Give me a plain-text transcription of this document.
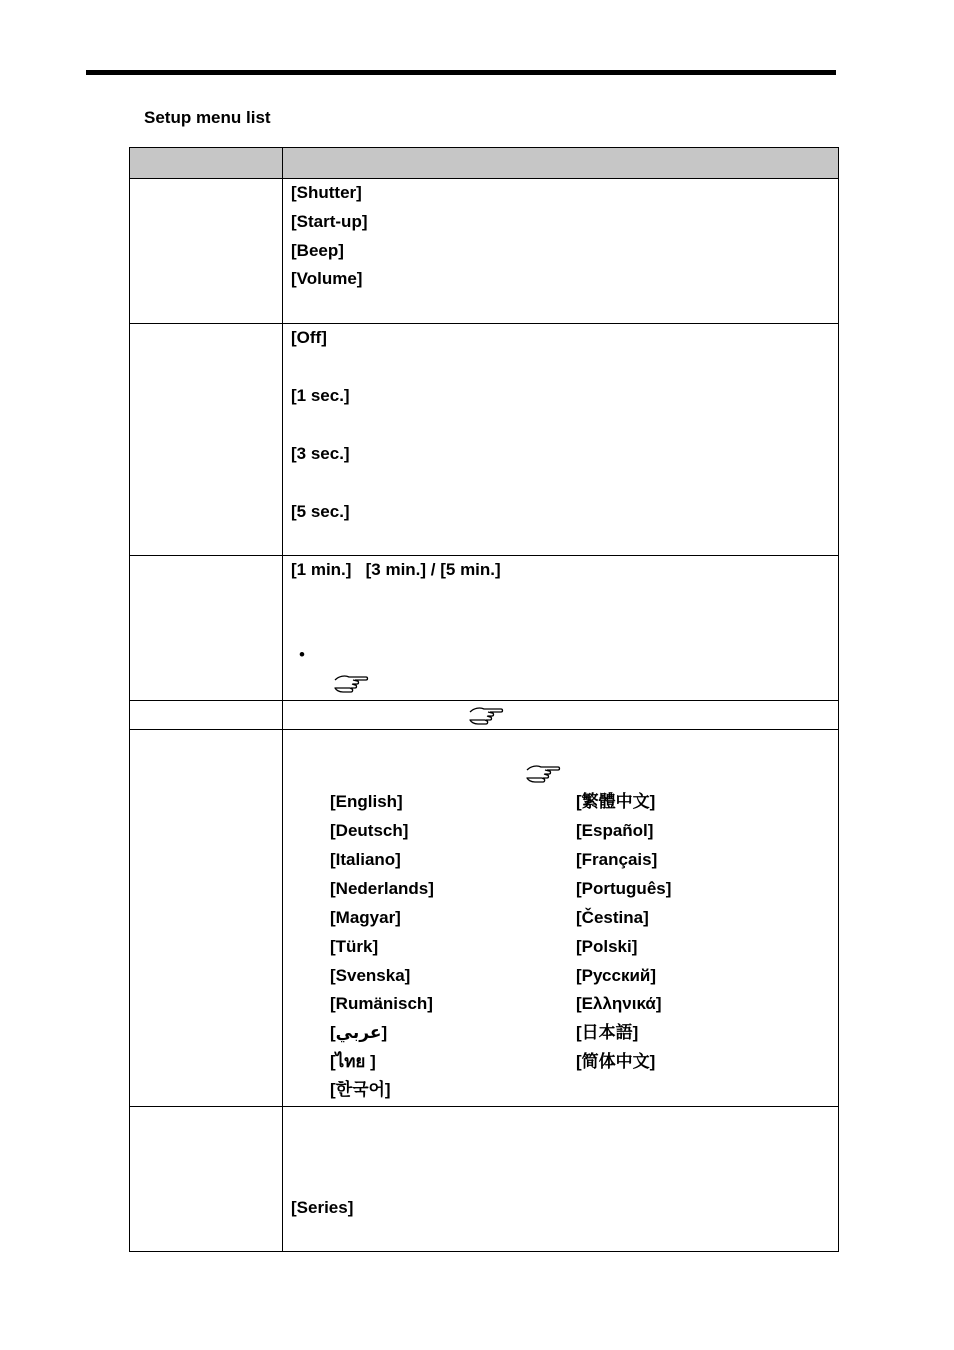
Setup menu list
[Shutter]
[Start-up]
[Beep]
[Volume]
[Off]
[1 sec.]
[3 sec.]
[5 sec.]
[1 min.]   [3 min.] / [5 min.]
•
[English]
[Deutsch]
[Italiano]
[Nederlands]
[Magyar]
[Türk]
[Svenska]
[Rumänisch]
[عربي]
[ไทย ]
[한국어]
[繁體中文]
[Español]
[Français]
[Português]
[Čestina]
[Polski]
[Русский]
[Ελληνικά]
[日本語]
[简体中文]
[Series]
